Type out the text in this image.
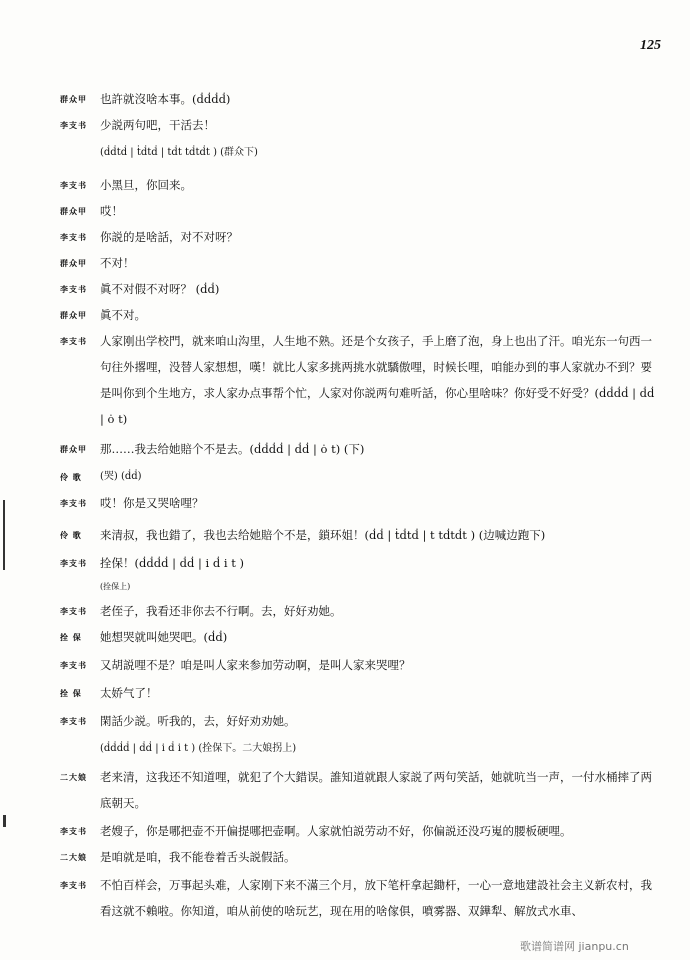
125
群众甲 也許就沒啥本事。(ḋḋḋḋ)
李支书 少説两句吧，干活去！
(ḋḋtḋ | ṫḋtḋ | tḋt tḋtḋt ) (群众下)
李支书 小黑旦，你回来。
群众甲 哎！
李支书 你説的是啥話，对不对呀？
群众甲 不对！
李支书 眞不对假不对呀？ (ḋḋ)
群众甲 眞不对。
李支书 人家刚出学校門，就来咱山沟里，人生地不熟。还是个女孩子，手上磨了泡，身上也出了汗。咱光东一句西一句往外撂哩，没替人家想想，嘆！就比人家多挑两挑水就驕傲哩，时候长哩，咱能办到的事人家就办不到？要是叫你到个生地方，求人家办点事帮个忙，人家对你説两句难听話，你心里啥味？你好受不好受？(ḋḋḋḋ | ḋḋ | ȯ t)
群众甲 那……我去给她賠个不是去。(ḋḋḋḋ | ḋḋ | ȯ t) (下)
伶 歌 (哭) (ḋḋ)
李支书 哎！你是又哭啥哩？
伶 歌 来清叔，我也錯了，我也去给她賠个不是，鎖环姐！(ḋḋ | ṫḋtḋ | t tḋtḋt ) (边喊边跑下)
李支书 拴保！(ḋḋḋḋ | ḋḋ | i ḋ i t )
(拴保上)
李支书 老侄子，我看还非你去不行啊。去，好好劝她。
拴 保 她想哭就叫她哭吧。(ḋḋ)
李支书 又胡説哩不是？咱是叫人家来参加劳动啊，是叫人家来哭哩？
拴 保 太娇气了！
李支书 閑話少説。听我的，去，好好劝劝她。
(ḋḋḋḋ | ḋḋ | i ḋ i t ) (拴保下。二大娘拐上)
二大娘 老来清，这我还不知道哩，就犯了个大錯误。誰知道就跟人家説了两句笑話，她就吭当一声，一付水桶摔了两底朝天。
李支书 老嫂子，你是哪把壶不开偏提哪把壶啊。人家就怕説劳动不好，你偏説还没巧嵬的腰板硬哩。
二大娘 是咱就是咱，我不能卷着舌头説假話。
李支书 不怕百样会，万事起头难，人家刚下来不滿三个月，放下笔杆拿起鋤杆，一心一意地建設社会主义新农村，我看这就不賴啦。你知道，咱从前使的啥玩艺，现在用的啥傢俱，噴雾器、双鏵犁、解放式水車、
歌谱简谱网 jianpu.cn
